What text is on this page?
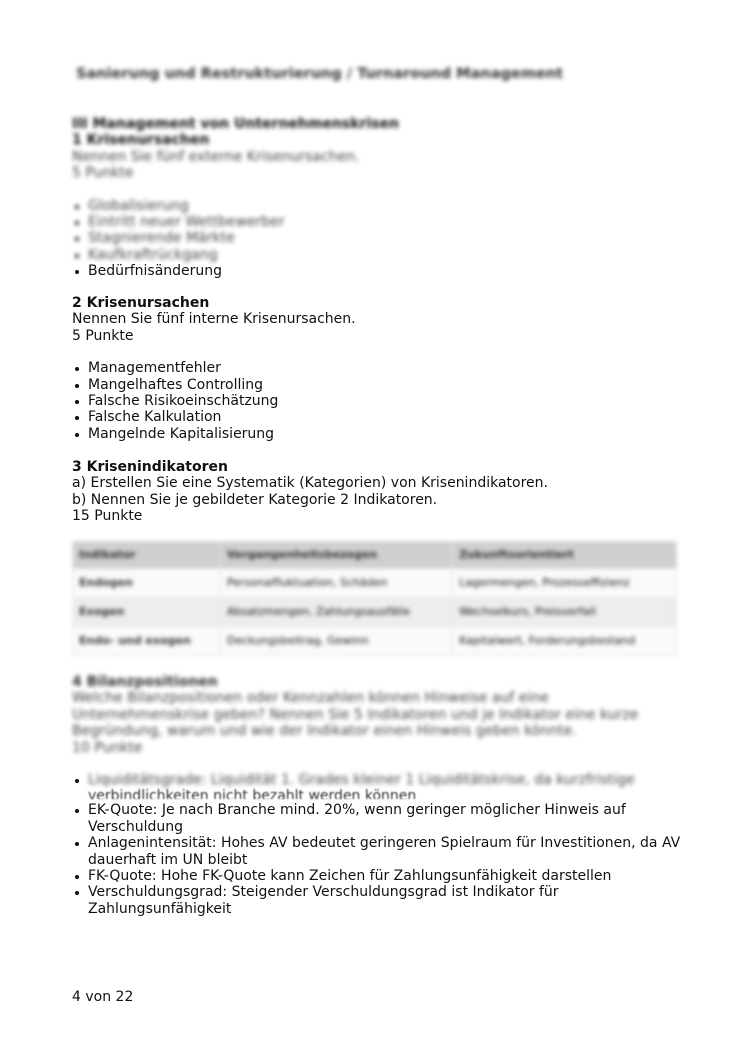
Sanierung und Restrukturierung / Turnaround Management

III Management von Unternehmenskrisen

1 Krisenursachen

Nennen Sie fünf externe Krisenursachen.

5 Punkte

Globalisierung
Eintritt neuer Wettbewerber
Stagnierende Märkte
Kaufkraftrückgang
Bedürfnisänderung

2 Krisenursachen

Nennen Sie fünf interne Krisenursachen.

5 Punkte

Managementfehler
Mangelhaftes Controlling
Falsche Risikoeinschätzung
Falsche Kalkulation
Mangelnde Kapitalisierung

3 Krisenindikatoren

a) Erstellen Sie eine Systematik (Kategorien) von Krisenindikatoren.

b) Nennen Sie je gebildeter Kategorie 2 Indikatoren.

15 Punkte

Indikator	Vergangenheitsbezogen	Zukunftsorientiert
Endogen	Personalfluktuation, Schäden	Lagermengen, Prozesseffizienz
Exogen	Absatzmengen, Zahlungsausfälle	Wechselkurs, Preisverfall
Endo- und exogen	Deckungsbeitrag, Gewinn	Kapitalwert, Forderungsbestand

4 Bilanzpositionen

Welche Bilanzpositionen oder Kennzahlen können Hinweise auf eine Unternehmenskrise geben? Nennen Sie 5 Indikatoren und je Indikator eine kurze Begründung, warum und wie der Indikator einen Hinweis geben könnte.

10 Punkte

Liquiditätsgrade: Liquidität 1. Grades kleiner 1 Liquiditätskrise, da kurzfristige
verbindlichkeiten nicht bezahlt werden können
EK-Quote: Je nach Branche mind. 20%, wenn geringer möglicher Hinweis auf Verschuldung
Anlagenintensität: Hohes AV bedeutet geringeren Spielraum für Investitionen, da AV dauerhaft im UN bleibt
FK-Quote: Hohe FK-Quote kann Zeichen für Zahlungsunfähigkeit darstellen
Verschuldungsgrad: Steigender Verschuldungsgrad ist Indikator für Zahlungsunfähigkeit
4 von 22
